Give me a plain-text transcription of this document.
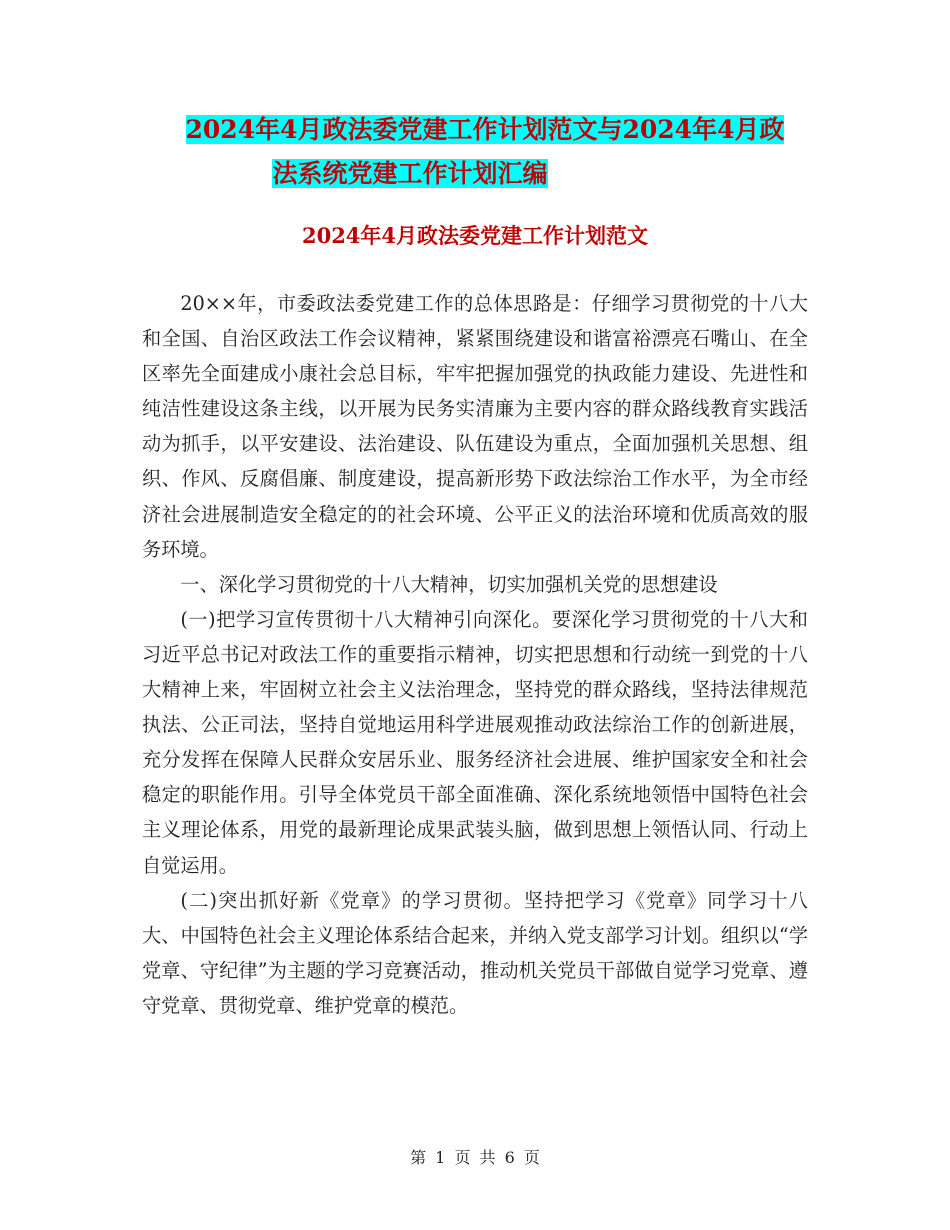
2024年4月政法委党建工作计划范文与2024年4月政
法系统党建工作计划汇编
2024年4月政法委党建工作计划范文

20××年，市委政法委党建工作的总体思路是：仔细学习贯彻党的十八大和全国、自治区政法工作会议精神，紧紧围绕建设和谐富裕漂亮石嘴山、在全区率先全面建成小康社会总目标，牢牢把握加强党的执政能力建设、先进性和纯洁性建设这条主线，以开展为民务实清廉为主要内容的群众路线教育实践活动为抓手，以平安建设、法治建设、队伍建设为重点，全面加强机关思想、组织、作风、反腐倡廉、制度建设，提高新形势下政法综治工作水平，为全市经济社会进展制造安全稳定的的社会环境、公平正义的法治环境和优质高效的服务环境。

一、深化学习贯彻党的十八大精神，切实加强机关党的思想建设

(一)把学习宣传贯彻十八大精神引向深化。要深化学习贯彻党的十八大和习近平总书记对政法工作的重要指示精神，切实把思想和行动统一到党的十八大精神上来，牢固树立社会主义法治理念，坚持党的群众路线，坚持法律规范执法、公正司法，坚持自觉地运用科学进展观推动政法综治工作的创新进展，充分发挥在保障人民群众安居乐业、服务经济社会进展、维护国家安全和社会稳定的职能作用。引导全体党员干部全面准确、深化系统地领悟中国特色社会主义理论体系，用党的最新理论成果武装头脑，做到思想上领悟认同、行动上自觉运用。

(二)突出抓好新《党章》的学习贯彻。坚持把学习《党章》同学习十八大、中国特色社会主义理论体系结合起来，并纳入党支部学习计划。组织以“学党章、守纪律”为主题的学习竞赛活动，推动机关党员干部做自觉学习党章、遵守党章、贯彻党章、维护党章的模范。

第 1 页 共 6 页
